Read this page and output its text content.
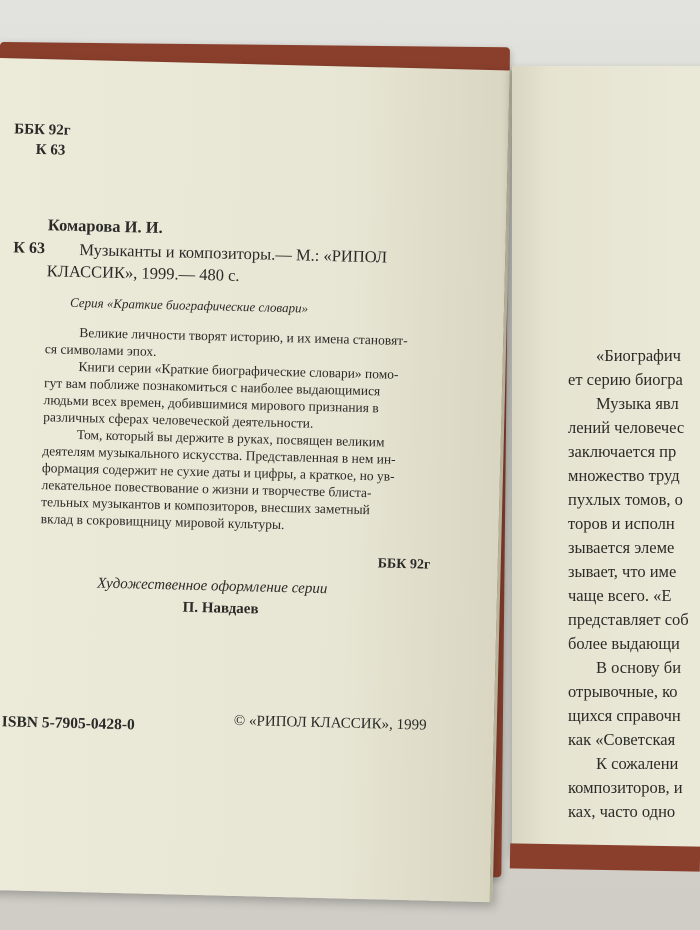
ББК 92г
К 63
Комарова И. И.
К 63 Музыканты и композиторы.— М.: «РИПОЛ
КЛАССИК», 1999.— 480 с.
Серия «Краткие биографические словари»
Великие личности творят историю, и их имена становят-
ся символами эпох.
Книги серии «Краткие биографические словари» помо-
гут вам поближе познакомиться с наиболее выдающимися
людьми всех времен, добившимися мирового признания в
различных сферах человеческой деятельности.
Том, который вы держите в руках, посвящен великим
деятелям музыкального искусства. Представленная в нем ин-
формация содержит не сухие даты и цифры, а краткое, но ув-
лекательное повествование о жизни и творчестве блиста-
тельных музыкантов и композиторов, внесших заметный
вклад в сокровищницу мировой культуры.
ББК 92г
Художественное оформление серии
П. Навдаев
ISBN 5-7905-0428-0	© «РИПОЛ КЛАССИК», 1999
«Биографич
ет серию биогра
Музыка явл
лений человечес
заключается пр
множество труд
пухлых томов, о
торов и исполн
зывается элеме
зывает, что име
чаще всего. «Е
представляет соб
более выдающи
В основу би
отрывочные, ко
щихся справочн
как «Советская
К сожалени
композиторов, и
ках, часто одно
